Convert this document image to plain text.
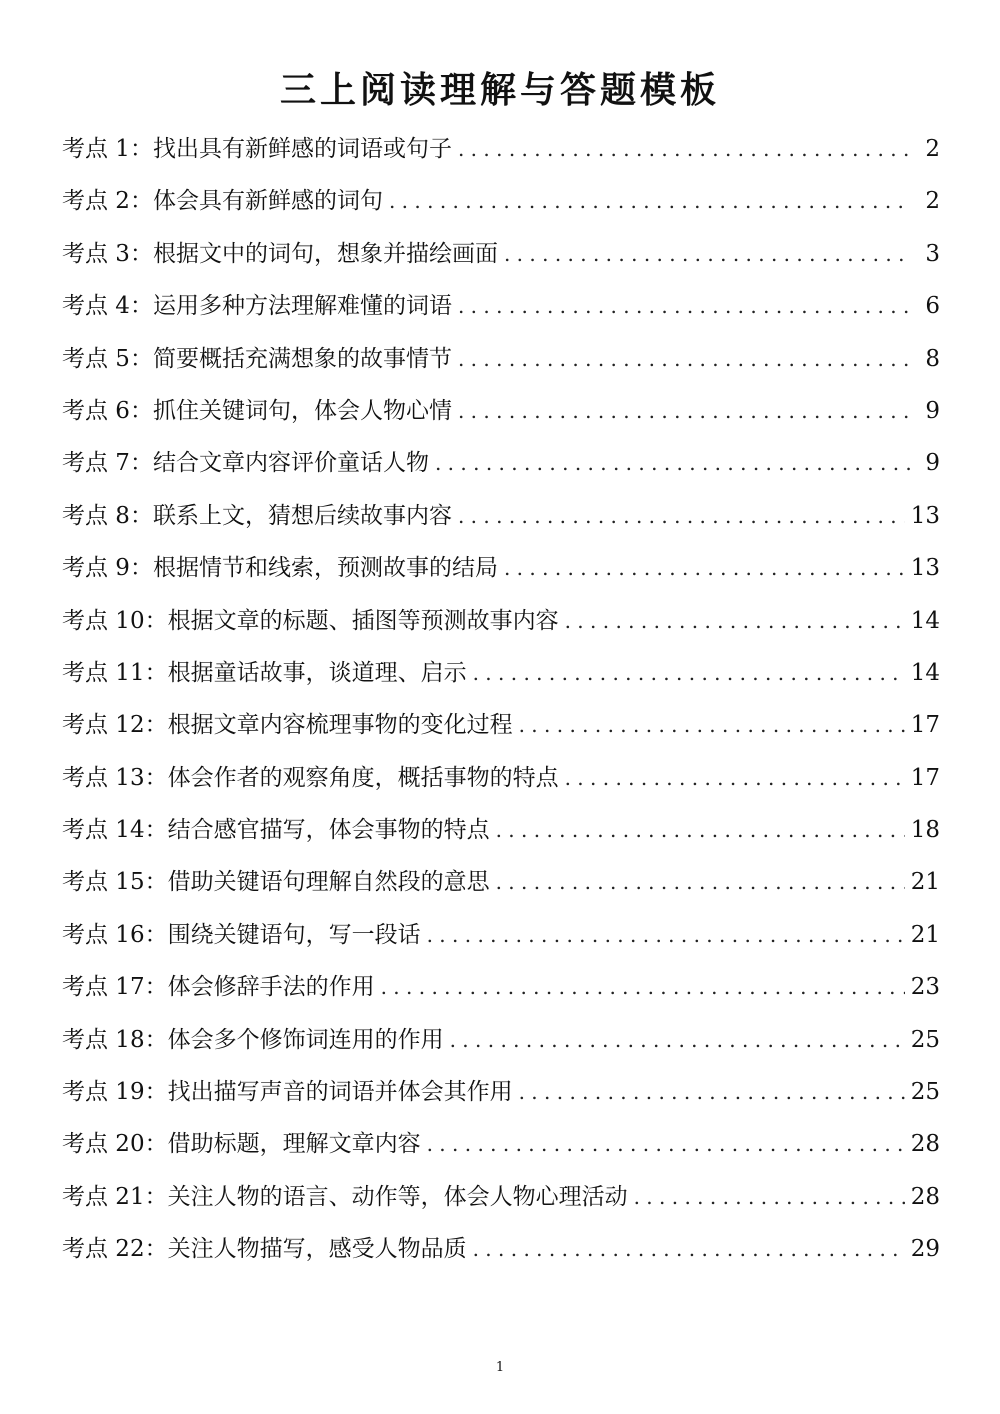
三上阅读理解与答题模板
考点 1：找出具有新鲜感的词语或句子 . . .	2
考点 2：体会具有新鲜感的词句 . . .	2
考点 3：根据文中的词句，想象并描绘画面 . . .	3
考点 4：运用多种方法理解难懂的词语 . . .	6
考点 5：简要概括充满想象的故事情节 . . .	8
考点 6：抓住关键词句，体会人物心情 . . .	9
考点 7：结合文章内容评价童话人物 . . .	9
考点 8：联系上文，猜想后续故事内容 . . .	13
考点 9：根据情节和线索，预测故事的结局 . . .	13
考点 10：根据文章的标题、插图等预测故事内容 . . .	14
考点 11：根据童话故事，谈道理、启示 . . .	14
考点 12：根据文章内容梳理事物的变化过程 . . .	17
考点 13：体会作者的观察角度，概括事物的特点 . . .	17
考点 14：结合感官描写，体会事物的特点 . . .	18
考点 15：借助关键语句理解自然段的意思 . . .	21
考点 16：围绕关键语句，写一段话 . . .	21
考点 17：体会修辞手法的作用 . . .	23
考点 18：体会多个修饰词连用的作用 . . .	25
考点 19：找出描写声音的词语并体会其作用 . . .	25
考点 20：借助标题，理解文章内容 . . .	28
考点 21：关注人物的语言、动作等，体会人物心理活动 . . .	28
考点 22：关注人物描写，感受人物品质 . . .	29
1
